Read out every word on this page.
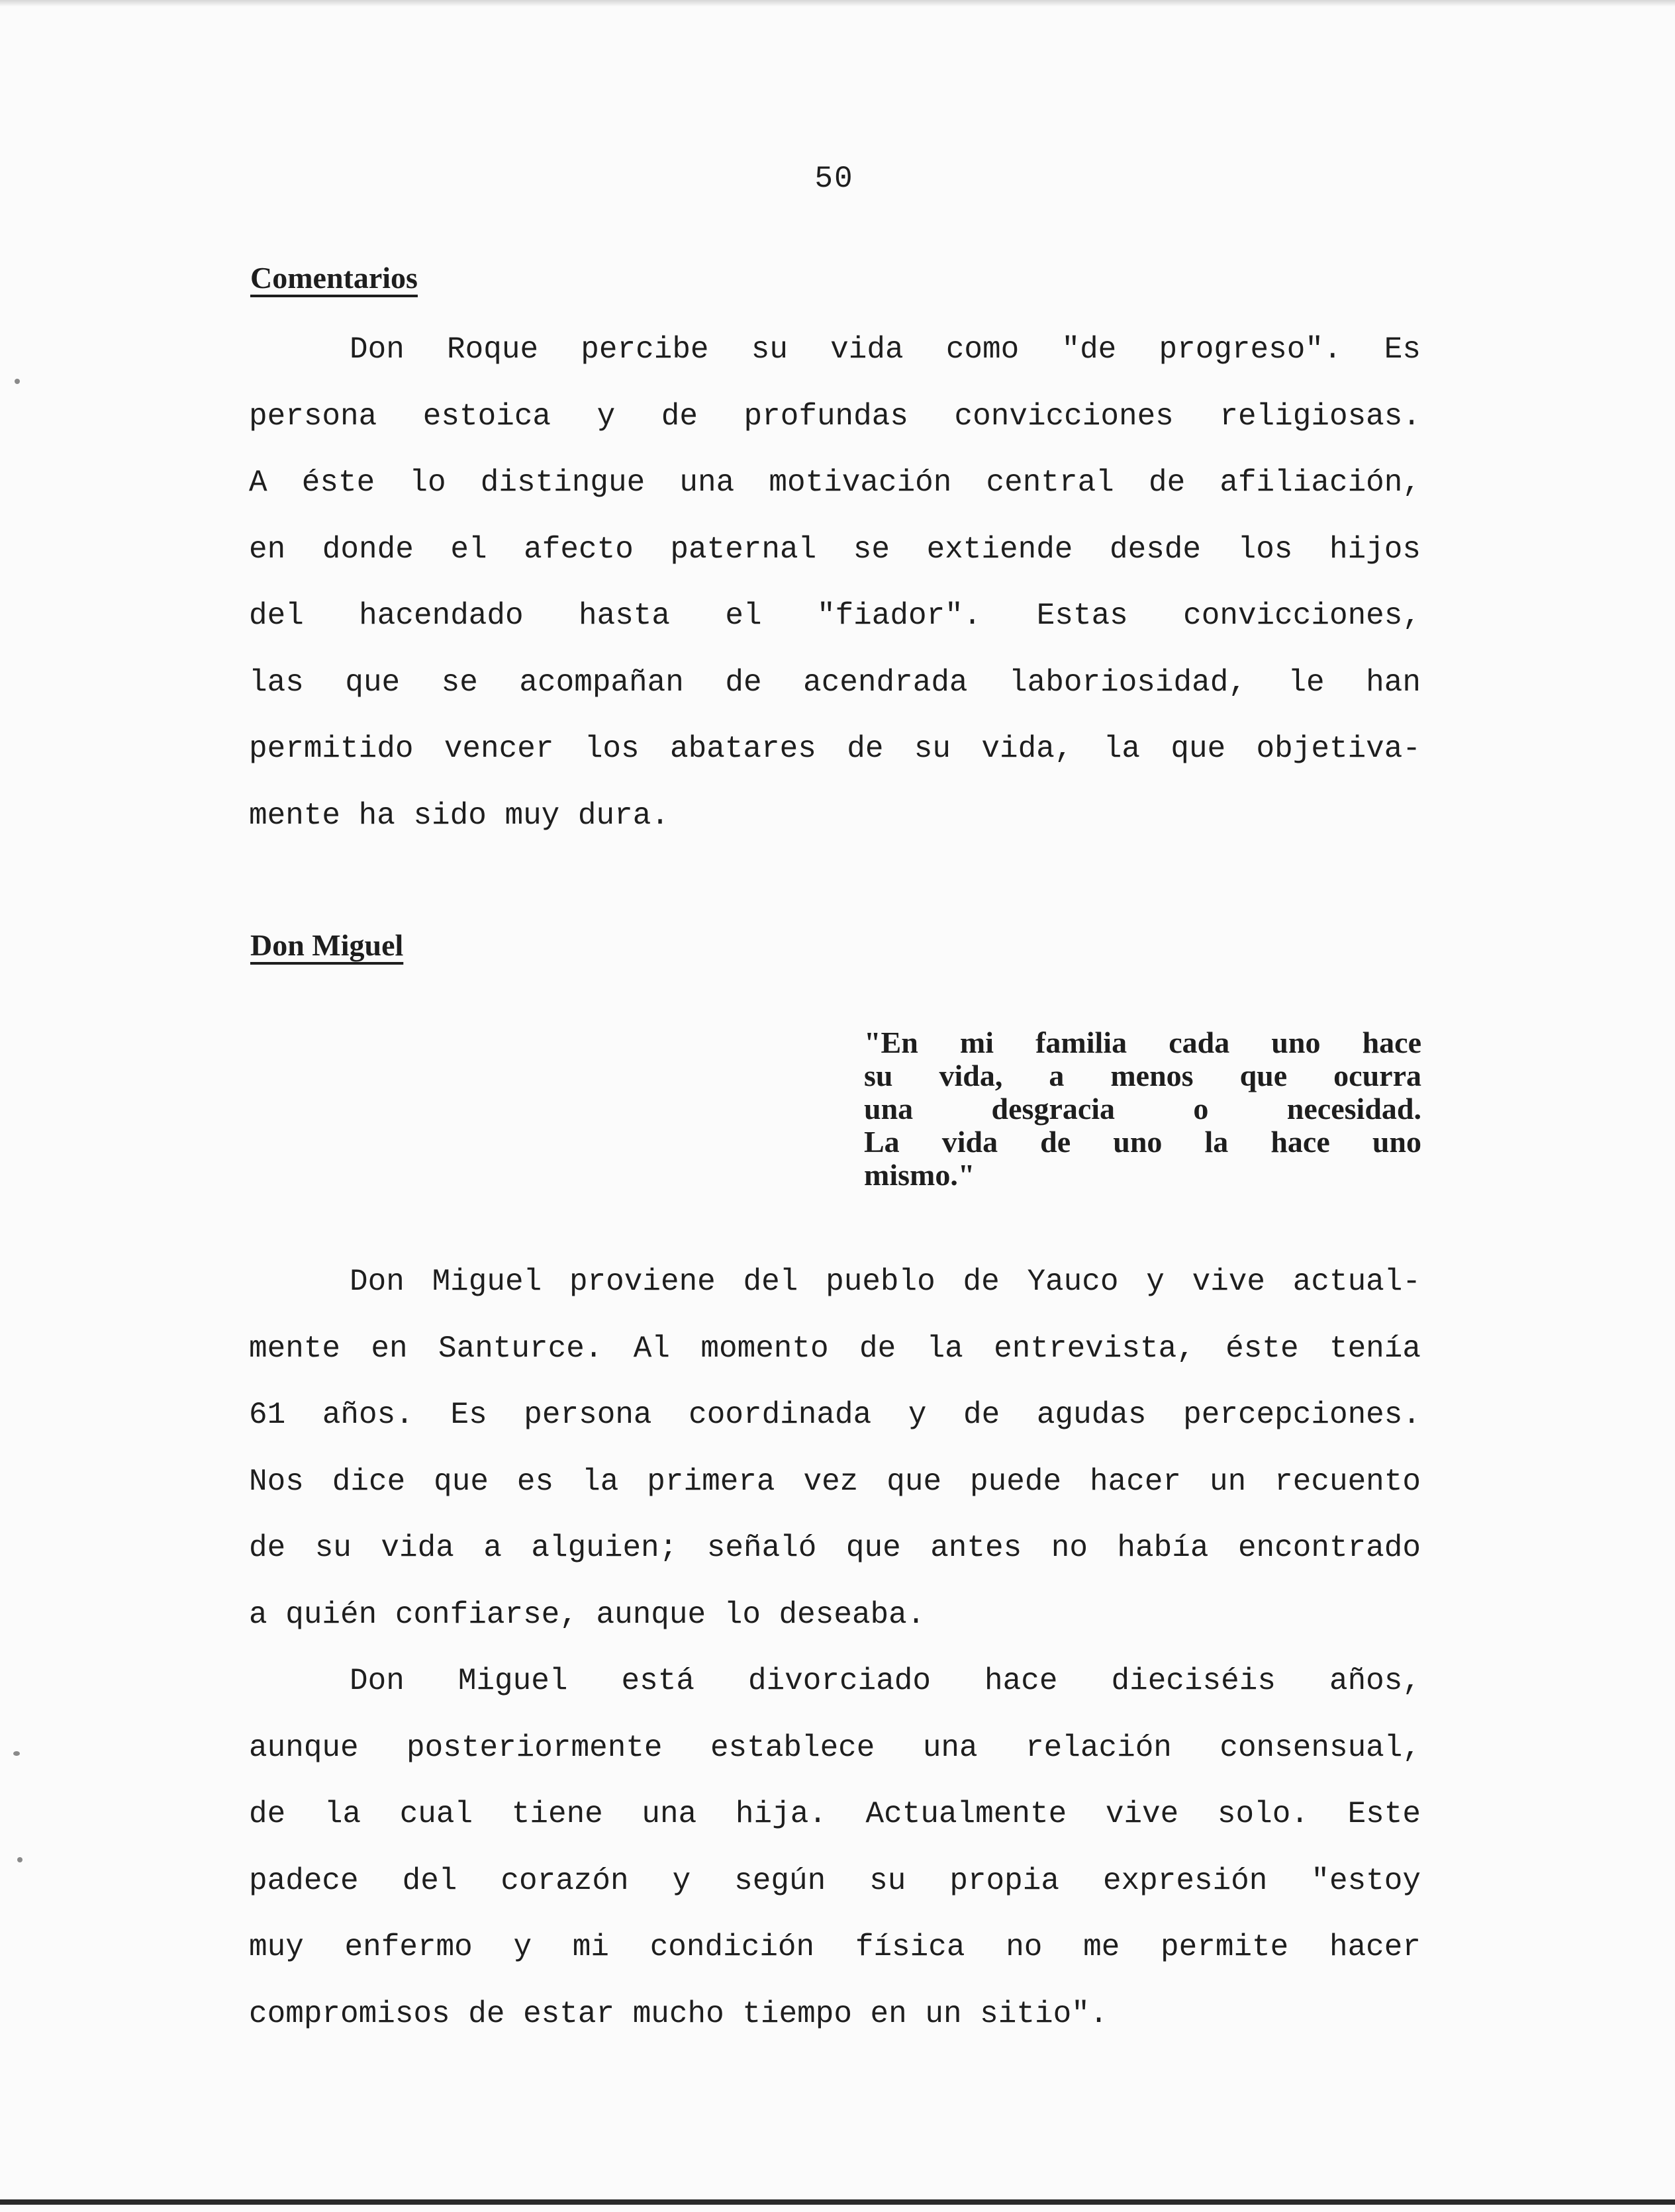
50
Comentarios
Don Roque percibe su vida como "de progreso". Es
persona estoica y de profundas convicciones religiosas.
A éste lo distingue una motivación central de afiliación,
en donde el afecto paternal se extiende desde los hijos
del hacendado hasta el "fiador". Estas convicciones,
las que se acompañan de acendrada laboriosidad, le han
permitido vencer los abatares de su vida, la que objetiva-
mente ha sido muy dura.
Don Miguel
"En mi familia cada uno hace
su vida, a menos que ocurra
una desgracia o necesidad.
La vida de uno la hace uno
mismo."
Don Miguel proviene del pueblo de Yauco y vive actual-
mente en Santurce. Al momento de la entrevista, éste tenía
61 años. Es persona coordinada y de agudas percepciones.
Nos dice que es la primera vez que puede hacer un recuento
de su vida a alguien; señaló que antes no había encontrado
a quién confiarse, aunque lo deseaba.
Don Miguel está divorciado hace dieciséis años,
aunque posteriormente establece una relación consensual,
de la cual tiene una hija. Actualmente vive solo. Este
padece del corazón y según su propia expresión "estoy
muy enfermo y mi condición física no me permite hacer
compromisos de estar mucho tiempo en un sitio".
